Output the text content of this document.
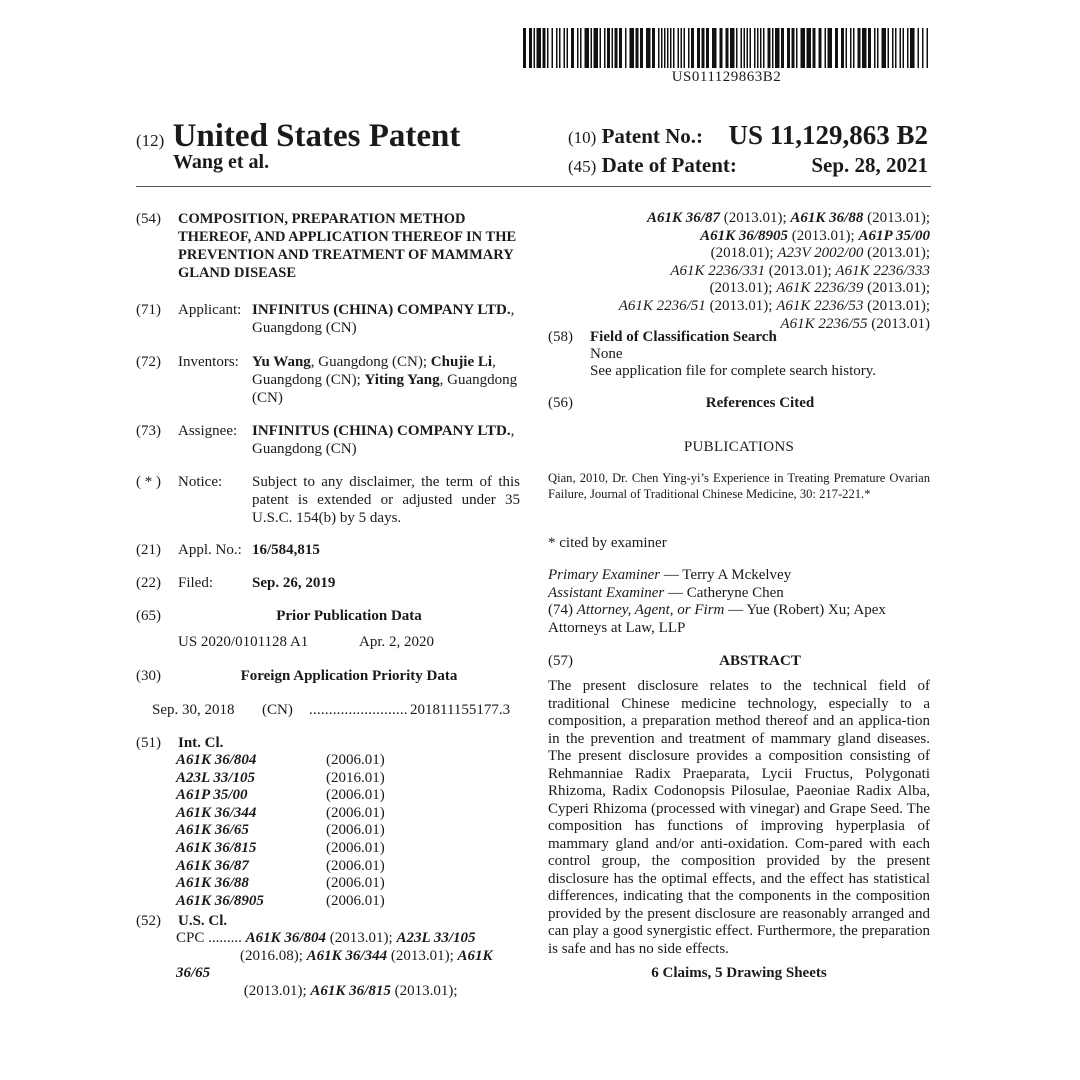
US011129863B2
(12) United States Patent
Wang et al.
(10) Patent No.: US 11,129,863 B2
(45) Date of Patent:	Sep. 28, 2021
(54) COMPOSITION, PREPARATION METHOD THEREOF, AND APPLICATION THEREOF IN THE PREVENTION AND TREATMENT OF MAMMARY GLAND DISEASE
(71) Applicant: INFINITUS (CHINA) COMPANY LTD., Guangdong (CN)
(72) Inventors: Yu Wang, Guangdong (CN); Chujie Li, Guangdong (CN); Yiting Yang, Guangdong (CN)
(73) Assignee: INFINITUS (CHINA) COMPANY LTD., Guangdong (CN)
( * ) Notice: Subject to any disclaimer, the term of this patent is extended or adjusted under 35 U.S.C. 154(b) by 5 days.
(21) Appl. No.: 16/584,815
(22) Filed:	Sep. 26, 2019
(65)	Prior Publication Data
US 2020/0101128 A1	Apr. 2, 2020
(30)	Foreign Application Priority Data
Sep. 30, 2018 (CN) ......................... 201811155177.3
(51) Int. Cl.
A61K 36/804	(2006.01)
A23L 33/105	(2016.01)
A61P 35/00	(2006.01)
A61K 36/344	(2006.01)
A61K 36/65	(2006.01)
A61K 36/815	(2006.01)
A61K 36/87	(2006.01)
A61K 36/88	(2006.01)
A61K 36/8905	(2006.01)
(52) U.S. Cl.
CPC ......... A61K 36/804 (2013.01); A23L 33/105
(2016.08); A61K 36/344 (2013.01); A61K 36/65
(2013.01); A61K 36/815 (2013.01);
A61K 36/87 (2013.01); A61K 36/88 (2013.01);
A61K 36/8905 (2013.01); A61P 35/00
(2018.01); A23V 2002/00 (2013.01);
A61K 2236/331 (2013.01); A61K 2236/333
(2013.01); A61K 2236/39 (2013.01);
A61K 2236/51 (2013.01); A61K 2236/53 (2013.01);
A61K 2236/55 (2013.01)
(58) Field of Classification Search
None
See application file for complete search history.
(56)	References Cited
PUBLICATIONS
Qian, 2010, Dr. Chen Ying-yi’s Experience in Treating Premature Ovarian Failure, Journal of Traditional Chinese Medicine, 30: 217-221.*
* cited by examiner
Primary Examiner — Terry A Mckelvey
Assistant Examiner — Catheryne Chen
(74) Attorney, Agent, or Firm — Yue (Robert) Xu; Apex Attorneys at Law, LLP
(57)	ABSTRACT
The present disclosure relates to the technical field of traditional Chinese medicine technology, especially to a composition, a preparation method thereof and an applica-tion in the prevention and treatment of mammary gland diseases. The present disclosure provides a composition consisting of Rehmanniae Radix Praeparata, Lycii Fructus, Polygonati Rhizoma, Radix Codonopsis Pilosulae, Paeoniae Radix Alba, Cyperi Rhizoma (processed with vinegar) and Grape Seed. The composition has functions of improving hyperplasia of mammary gland and/or anti-oxidation. Com-pared with each control group, the composition provided by the present disclosure has the optimal effects, and the effect has statistical differences, indicating that the components in the composition provided by the present disclosure are reasonably arranged and can play a good synergistic effect. Furthermore, the preparation is safe and has no side effects.
6 Claims, 5 Drawing Sheets
